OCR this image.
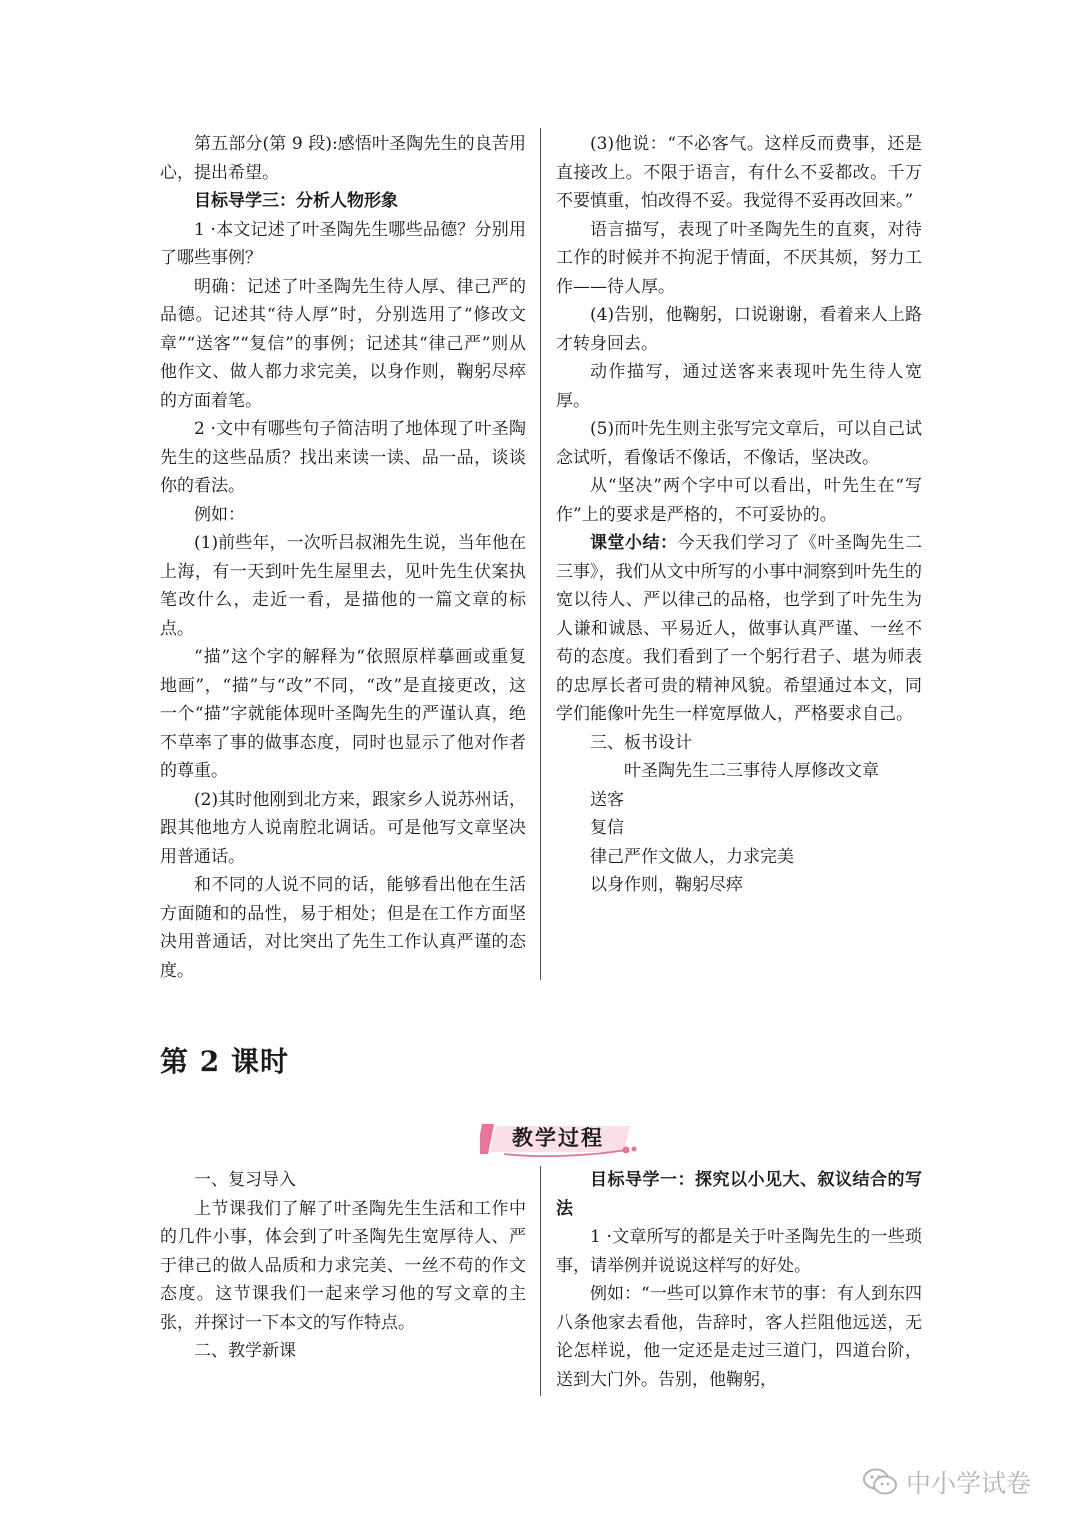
第五部分(第 9 段):感悟叶圣陶先生的良苦用心，提出希望。

目标导学三：分析人物形象

1 ·本文记述了叶圣陶先生哪些品德？分别用了哪些事例？

明确：记述了叶圣陶先生待人厚、律己严的品德。记述其“待人厚”时，分别选用了“修改文章”“送客”“复信”的事例；记述其“律己严”则从他作文、做人都力求完美，以身作则，鞠躬尽瘁的方面着笔。

2 ·文中有哪些句子简洁明了地体现了叶圣陶先生的这些品质？找出来读一读、品一品，谈谈你的看法。

例如：

(1)前些年，一次听吕叔湘先生说，当年他在上海，有一天到叶先生屋里去，见叶先生伏案执笔改什么，走近一看，是描他的一篇文章的标点。

“描”这个字的解释为“依照原样摹画或重复地画”，“描”与“改”不同，“改”是直接更改，这一个“描”字就能体现叶圣陶先生的严谨认真，绝不草率了事的做事态度，同时也显示了他对作者的尊重。

(2)其时他刚到北方来，跟家乡人说苏州话，跟其他地方人说南腔北调话。可是他写文章坚决用普通话。

和不同的人说不同的话，能够看出他在生活方面随和的品性，易于相处；但是在工作方面坚决用普通话，对比突出了先生工作认真严谨的态度。

(3)他说：“不必客气。这样反而费事，还是直接改上。不限于语言，有什么不妥都改。千万不要慎重，怕改得不妥。我觉得不妥再改回来。”

语言描写，表现了叶圣陶先生的直爽，对待工作的时候并不拘泥于情面，不厌其烦，努力工作——待人厚。

(4)告别，他鞠躬，口说谢谢，看着来人上路才转身回去。

动作描写，通过送客来表现叶先生待人宽厚。

(5)而叶先生则主张写完文章后，可以自己试念试听，看像话不像话，不像话，坚决改。

从“坚决”两个字中可以看出，叶先生在“写作”上的要求是严格的，不可妥协的。

课堂小结：今天我们学习了《叶圣陶先生二三事》，我们从文中所写的小事中洞察到叶先生的宽以待人、严以律己的品格，也学到了叶先生为人谦和诚恳、平易近人，做事认真严谨、一丝不苟的态度。我们看到了一个躬行君子、堪为师表的忠厚长者可贵的精神风貌。希望通过本文，同学们能像叶先生一样宽厚做人，严格要求自己。

三、板书设计

叶圣陶先生二三事待人厚修改文章

送客

复信

律己严作文做人，力求完美

以身作则，鞠躬尽瘁

第 2 课时
教学过程

一、复习导入

上节课我们了解了叶圣陶先生生活和工作中的几件小事，体会到了叶圣陶先生宽厚待人、严于律己的做人品质和力求完美、一丝不苟的作文态度。这节课我们一起来学习他的写文章的主张，并探讨一下本文的写作特点。

二、教学新课

目标导学一：探究以小见大、叙议结合的写法

1 ·文章所写的都是关于叶圣陶先生的一些琐事，请举例并说说这样写的好处。

例如：“一些可以算作末节的事：有人到东四八条他家去看他，告辞时，客人拦阻他远送，无论怎样说，他一定还是走过三道门，四道台阶，送到大门外。告别，他鞠躬，

中小学试卷
